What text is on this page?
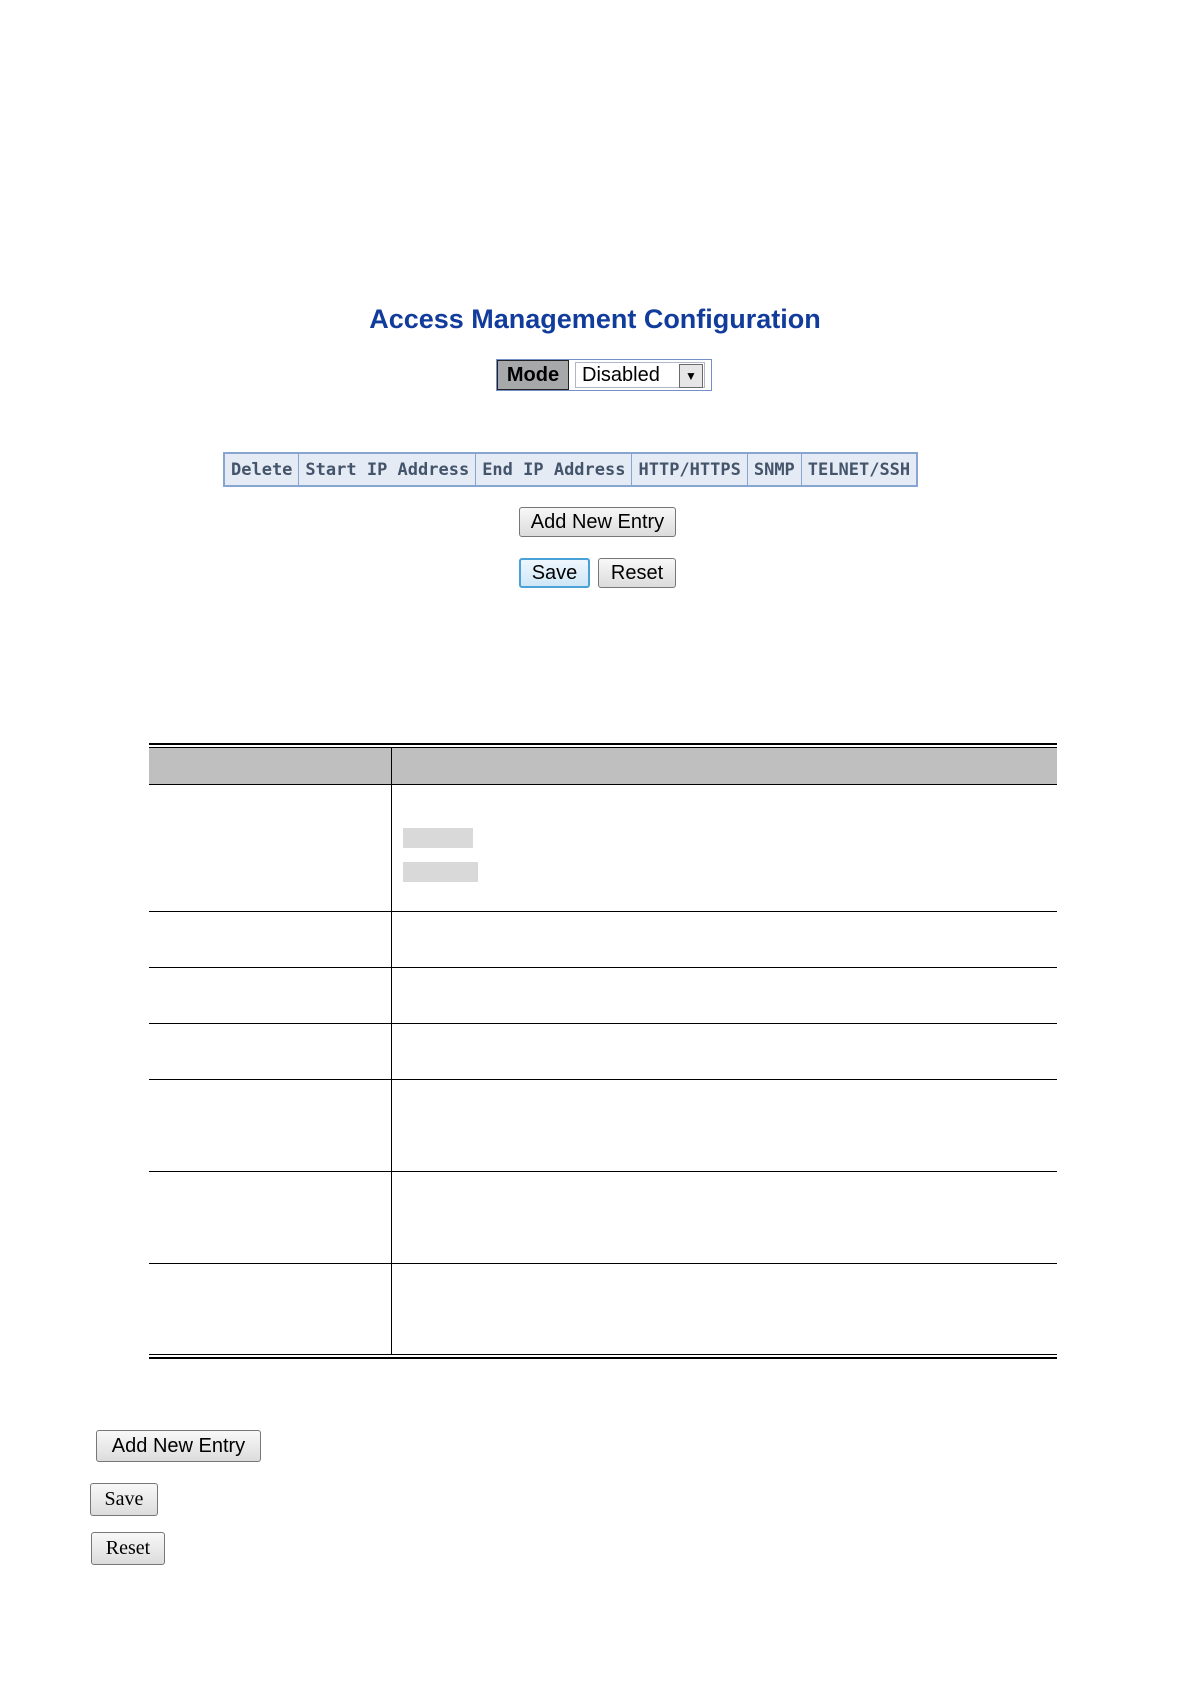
Access Management Configuration
Mode	Disabled	▼
Delete	Start IP Address	End IP Address	HTTP/HTTPS	SNMP	TELNET/SSH
Add New Entry
Save	Reset
Add New Entry
Save
Reset
